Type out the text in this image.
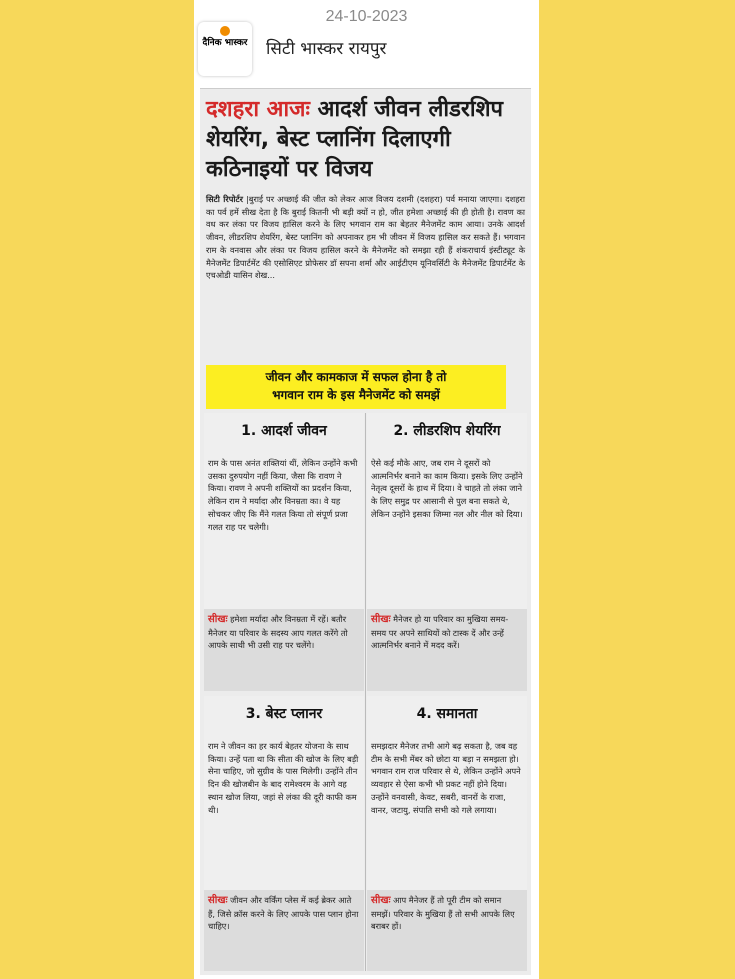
24-10-2023
दैनिक भास्कर सिटी भास्कर रायपुर
दशहरा आजः आदर्श जीवन लीडरशिप शेयरिंग, बेस्ट प्लानिंग दिलाएगी कठिनाइयों पर विजय
सिटी रिपोर्टर |बुराई पर अच्छाई की जीत को लेकर आज विजय दशमी (दशहरा) पर्व मनाया जाएगा। दशहरा का पर्व हमें सीख देता है कि बुराई कितनी भी बड़ी क्यों न हो, जीत हमेशा अच्छाई की ही होती है। रावण का वध कर लंका पर विजय हासिल करने के लिए भगवान राम का बेहतर मैनेजमेंट काम आया। उनके आदर्श जीवन, लीडरशिप शेयरिंग, बेस्ट प्लानिंग को अपनाकर हम भी जीवन में विजय हासिल कर सकते हैं। भगवान राम के वनवास और लंका पर विजय हासिल करने के मैनेजमेंट को समझा रही हैं शंकराचार्य इंस्टीट्यूट के मैनेजमेंट डिपार्टमेंट की एसोसिएट प्रोफेसर डॉ सपना शर्मा और आईटीएम यूनिवर्सिटी के मैनेजमेंट डिपार्टमेंट के एचओडी यासिन शेख...
जीवन और कामकाज में सफल होना है तो
भगवान राम के इस मैनेजमेंट को समझें
1. आदर्श जीवन
राम के पास अनंत शक्तियां थीं, लेकिन उन्होंने कभी उसका दुरुपयोग नहीं किया, जैसा कि रावण ने किया। रावण ने अपनी शक्तियों का प्रदर्शन किया, लेकिन राम ने मर्यादा और विनम्रता का। वे यह सोचकर जीए कि मैंने गलत किया तो संपूर्ण प्रजा गलत राह पर चलेगी।
सीखः हमेशा मर्यादा और विनम्रता में रहें। बतौर मैनेजर या परिवार के सदस्य आप गलत करेंगे तो आपके साथी भी उसी राह पर चलेंगे।
2. लीडरशिप शेयरिंग
ऐसे कई मौके आए, जब राम ने दूसरों को आत्मनिर्भर बनाने का काम किया। इसके लिए उन्होंने नेतृत्व दूसरों के हाथ में दिया। वे चाहते तो लंका जाने के लिए समुद्र पर आसानी से पुल बना सकते थे, लेकिन उन्होंने इसका जिम्मा नल और नील को दिया।
सीखः मैनेजर हो या परिवार का मुखिया समय-समय पर अपने साथियों को टास्क दें और उन्हें आत्मनिर्भर बनाने में मदद करें।
3. बेस्ट प्लानर
राम ने जीवन का हर कार्य बेहतर योजना के साथ किया। उन्हें पता था कि सीता की खोज के लिए बड़ी सेना चाहिए, जो सुग्रीव के पास मिलेगी। उन्होंने तीन दिन की खोजबीन के बाद रामेश्वरम के आगे वह स्थान खोज लिया, जहां से लंका की दूरी काफी कम थी।
सीखः जीवन और वर्किंग प्लेस में कई ब्रेकर आते हैं, जिसे क्रॉस करने के लिए आपके पास प्लान होना चाहिए।
4. समानता
समझदार मैनेजर तभी आगे बढ़ सकता है, जब वह टीम के सभी मेंबर को छोटा या बड़ा न समझता हो। भगवान राम राज परिवार से थे, लेकिन उन्होंने अपने व्यवहार से ऐसा कभी भी प्रकट नहीं होने दिया। उन्होंने वनवासी, केवट, सबरी, वानरों के राजा, वानर, जटायु, संपाति सभी को गले लगाया।
सीखः आप मैनेजर हैं तो पूरी टीम को समान समझें। परिवार के मुखिया हैं तो सभी आपके लिए बराबर हों।
